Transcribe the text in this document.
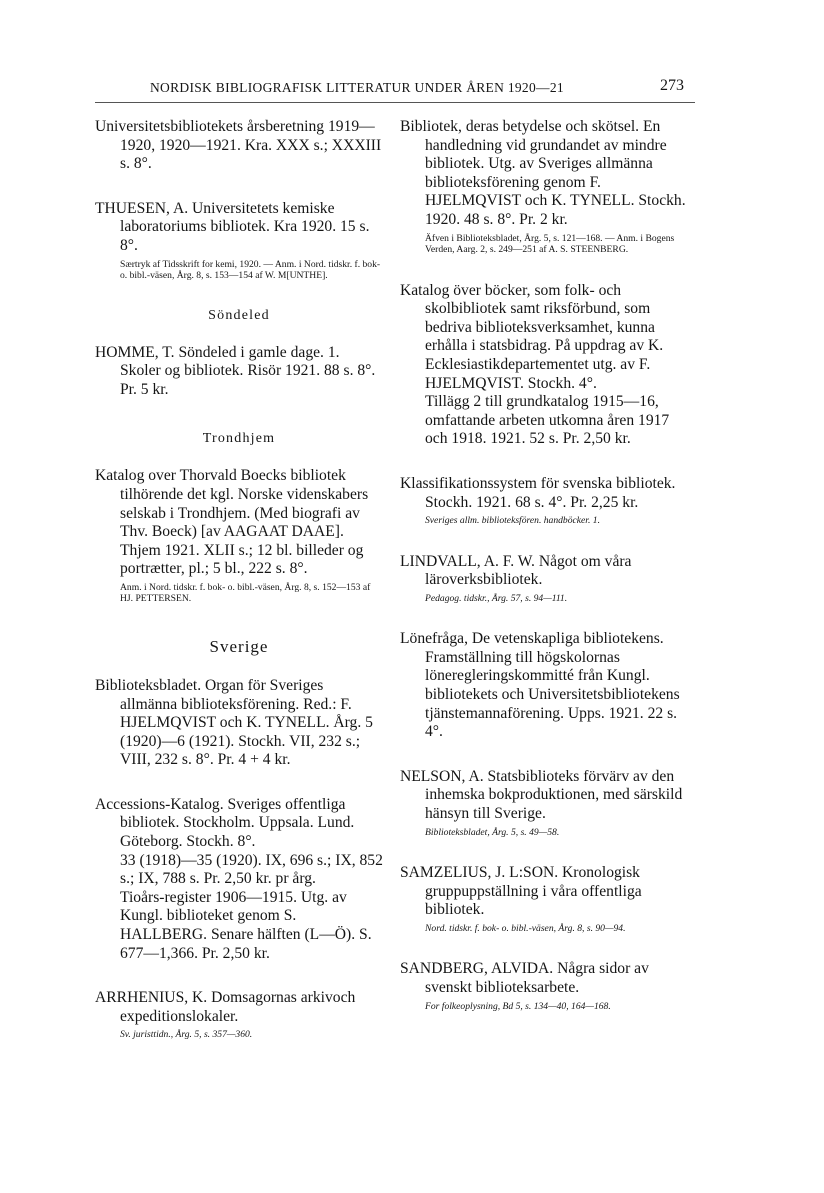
NORDISK BIBLIOGRAFISK LITTERATUR UNDER ÅREN 1920—21	273

Universitetsbibliotekets årsberetning 1919—1920, 1920—1921. Kra. XXX s.; XXXIII s. 8°.

THUESEN, A. Universitetets kemiske laboratoriums bibliotek. Kra 1920. 15 s. 8°.

Særtryk af Tidsskrift for kemi, 1920. — Anm. i Nord. tidskr. f. bok- o. bibl.-väsen, Årg. 8, s. 153—154 af W. M[UNTHE].

Söndeled

HOMME, T. Söndeled i gamle dage. 1. Skoler og bibliotek. Risör 1921. 88 s. 8°. Pr. 5 kr.

Trondhjem

Katalog over Thorvald Boecks bibliotek tilhörende det kgl. Norske videnskabers selskab i Trondhjem. (Med biografi av Thv. Boeck) [av AAGAAT DAAE]. Thjem 1921. XLII s.; 12 bl. billeder og portrætter, pl.; 5 bl., 222 s. 8°.

Anm. i Nord. tidskr. f. bok- o. bibl.-väsen, Årg. 8, s. 152—153 af HJ. PETTERSEN.

Sverige

Biblioteksbladet. Organ för Sveriges allmänna biblioteksförening. Red.: F. HJELMQVIST och K. TYNELL. Årg. 5 (1920)—6 (1921). Stockh. VII, 232 s.; VIII, 232 s. 8°. Pr. 4 + 4 kr.

Accessions-Katalog. Sveriges offentliga bibliotek. Stockholm. Uppsala. Lund. Göteborg. Stockh. 8°.

33 (1918)—35 (1920). IX, 696 s.; IX, 852 s.; IX, 788 s. Pr. 2,50 kr. pr årg.

Tioårs-register 1906—1915. Utg. av Kungl. biblioteket genom S. HALLBERG. Senare hälften (L—Ö). S. 677—1,366. Pr. 2,50 kr.

ARRHENIUS, K. Domsagornas arkivoch expeditionslokaler.

Sv. juristtidn., Årg. 5, s. 357—360.

Bibliotek, deras betydelse och skötsel. En handledning vid grundandet av mindre bibliotek. Utg. av Sveriges allmänna biblioteksförening genom F. HJELMQVIST och K. TYNELL. Stockh. 1920. 48 s. 8°. Pr. 2 kr.

Äfven i Biblioteksbladet, Årg. 5, s. 121—168. — Anm. i Bogens Verden, Aarg. 2, s. 249—251 af A. S. STEENBERG.

Katalog över böcker, som folk- och skolbibliotek samt riksförbund, som bedriva biblioteksverksamhet, kunna erhålla i statsbidrag. På uppdrag av K. Ecklesiastikdepartementet utg. av F. HJELMQVIST. Stockh. 4°.

Tillägg 2 till grundkatalog 1915—16, omfattande arbeten utkomna åren 1917 och 1918. 1921. 52 s. Pr. 2,50 kr.

Klassifikationssystem för svenska bibliotek. Stockh. 1921. 68 s. 4°. Pr. 2,25 kr.

Sveriges allm. biblioteksfören. handböcker. 1.

LINDVALL, A. F. W. Något om våra läroverksbibliotek.

Pedagog. tidskr., Årg. 57, s. 94—111.

Lönefråga, De vetenskapliga bibliotekens. Framställning till högskolornas löneregleringskommitté från Kungl. bibliotekets och Universitetsbibliotekens tjänstemannaförening. Upps. 1921. 22 s. 4°.

NELSON, A. Statsbiblioteks förvärv av den inhemska bokproduktionen, med särskild hänsyn till Sverige.

Biblioteksbladet, Årg. 5, s. 49—58.

SAMZELIUS, J. L:SON. Kronologisk gruppuppställning i våra offentliga bibliotek.

Nord. tidskr. f. bok- o. bibl.-väsen, Årg. 8, s. 90—94.

SANDBERG, ALVIDA. Några sidor av svenskt biblioteksarbete.

For folkeoplysning, Bd 5, s. 134—40, 164—168.
